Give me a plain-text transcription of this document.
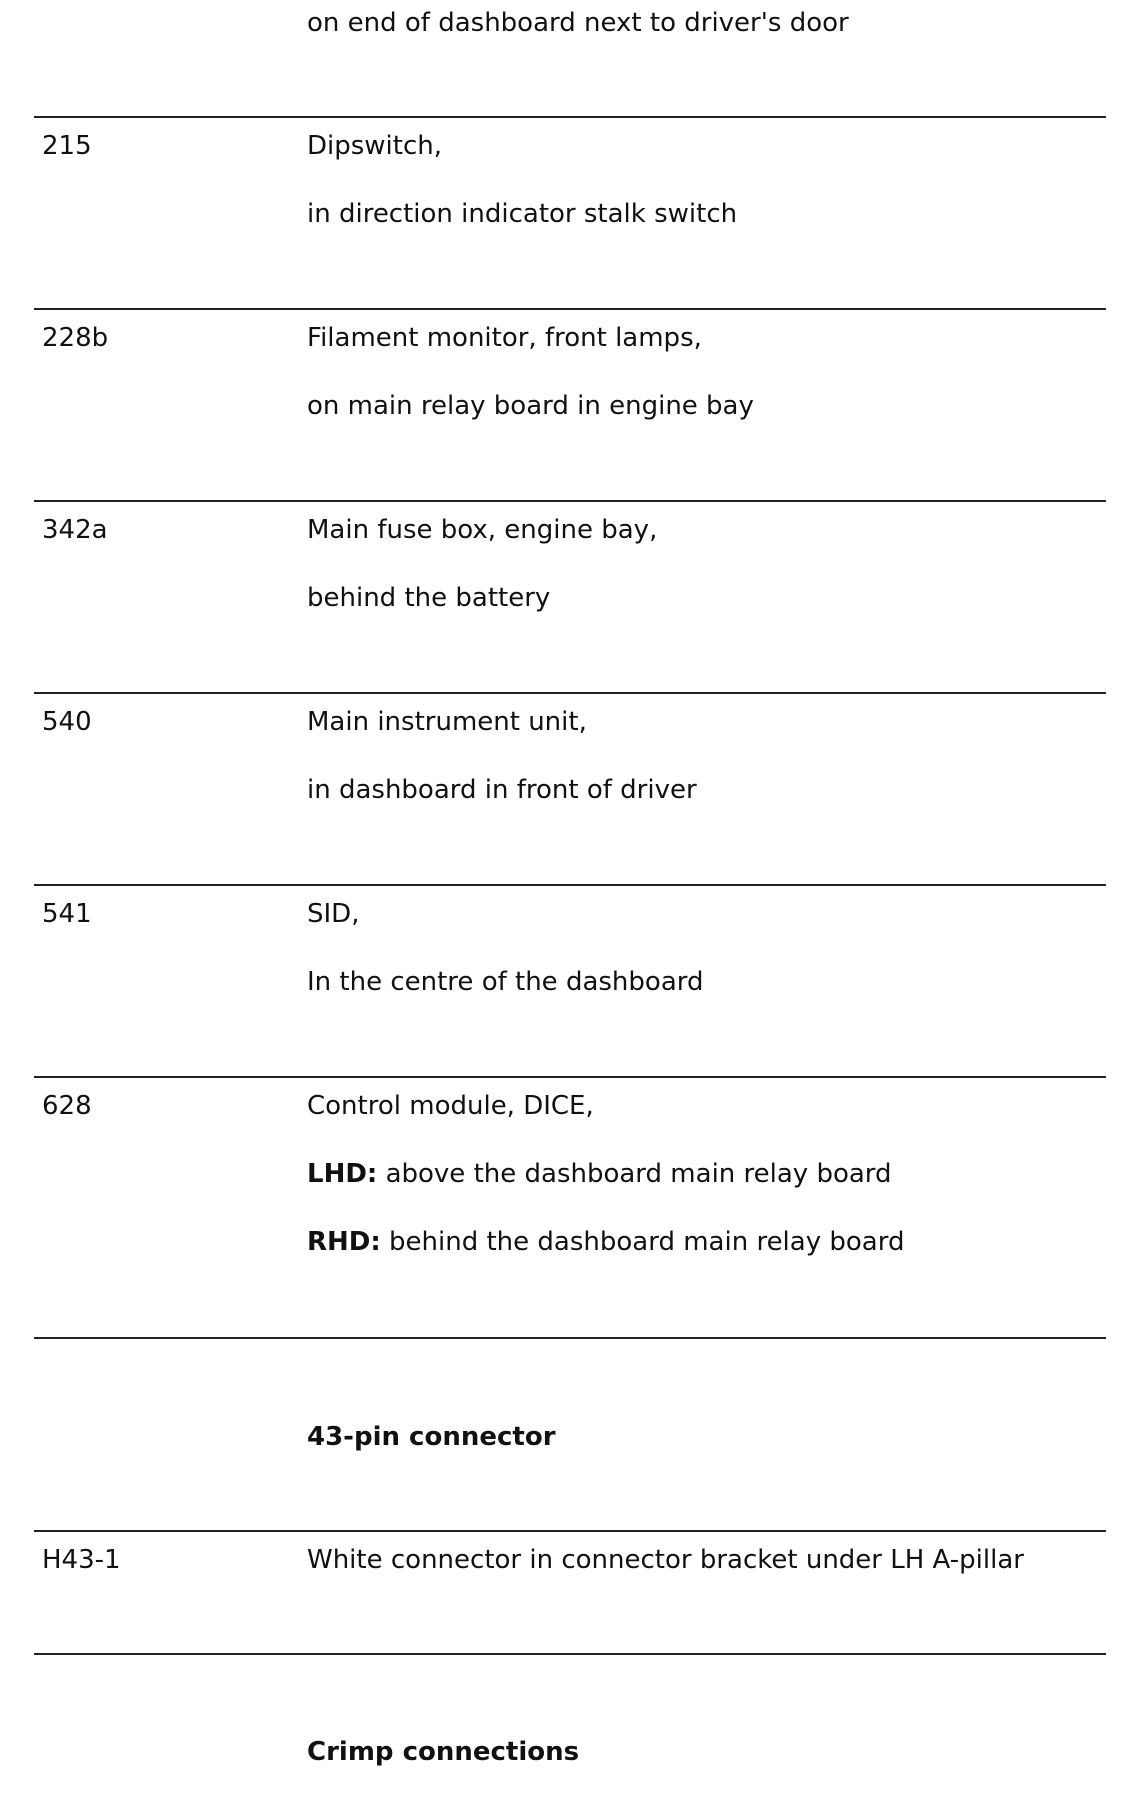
on end of dashboard next to driver's door
215	Dipswitch,
in direction indicator stalk switch
228b	Filament monitor, front lamps,
on main relay board in engine bay
342a	Main fuse box, engine bay,
behind the battery
540	Main instrument unit,
in dashboard in front of driver
541	SID,
In the centre of the dashboard
628	Control module, DICE,
LHD: above the dashboard main relay board
RHD: behind the dashboard main relay board
43-pin connector
H43-1	White connector in connector bracket under LH A-pillar
Crimp connections
